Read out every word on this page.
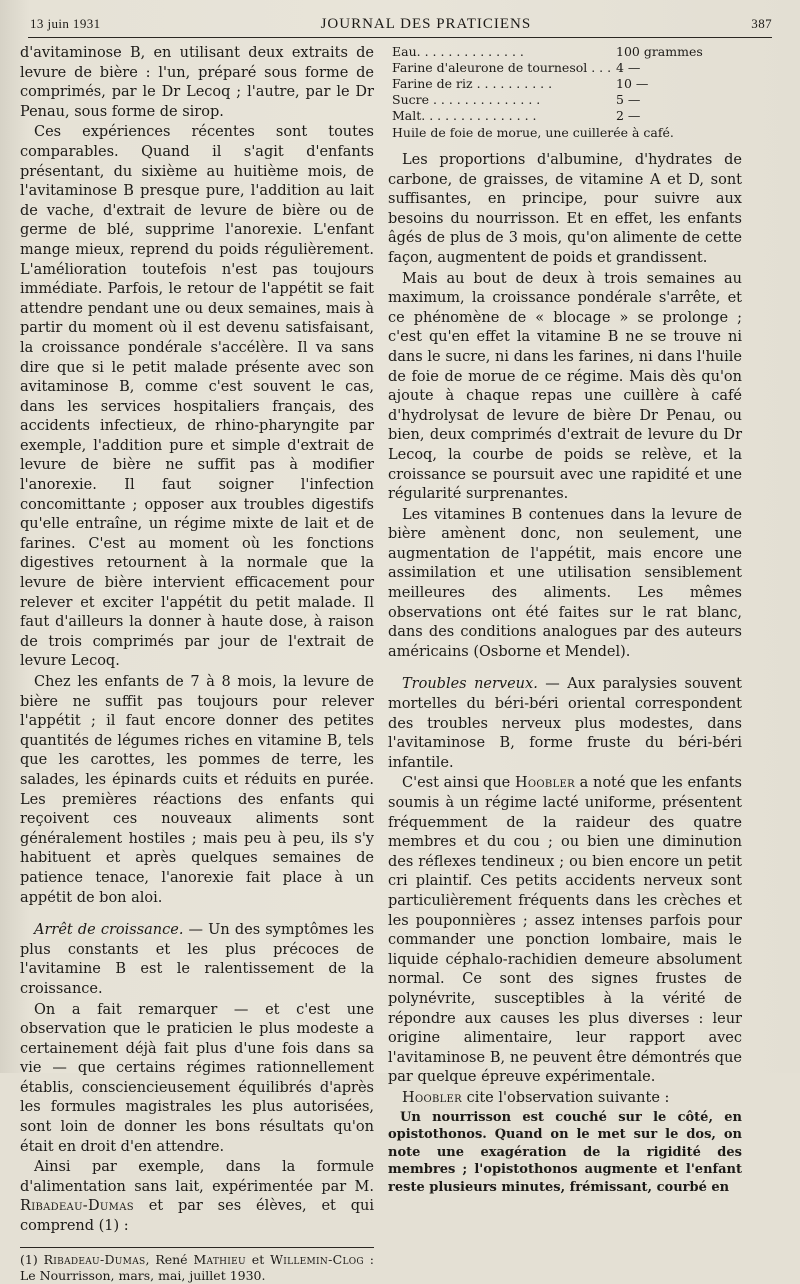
13 juin 1931	JOURNAL DES PRATICIENS	387

d'avitaminose B, en utilisant deux extraits de levure de bière : l'un, préparé sous forme de comprimés, par le Dr Lecoq ; l'autre, par le Dr Penau, sous forme de sirop.

Ces expériences récentes sont toutes comparables. Quand il s'agit d'enfants présentant, du sixième au huitième mois, de l'avitaminose B presque pure, l'addition au lait de vache, d'extrait de levure de bière ou de germe de blé, supprime l'anorexie. L'enfant mange mieux, reprend du poids régulièrement. L'amélioration toutefois n'est pas toujours immédiate. Parfois, le retour de l'appétit se fait attendre pendant une ou deux semaines, mais à partir du moment où il est devenu satisfaisant, la croissance pondérale s'accélère. Il va sans dire que si le petit malade présente avec son avitaminose B, comme c'est souvent le cas, dans les services hospitaliers français, des accidents infectieux, de rhino-pharyngite par exemple, l'addition pure et simple d'extrait de levure de bière ne suffit pas à modifier l'anorexie. Il faut soigner l'infection concomittante ; opposer aux troubles digestifs qu'elle entraîne, un régime mixte de lait et de farines. C'est au moment où les fonctions digestives retournent à la normale que la levure de bière intervient efficacement pour relever et exciter l'appétit du petit malade. Il faut d'ailleurs la donner à haute dose, à raison de trois comprimés par jour de l'extrait de levure Lecoq.

Chez les enfants de 7 à 8 mois, la levure de bière ne suffit pas toujours pour relever l'appétit ; il faut encore donner des petites quantités de légumes riches en vitamine B, tels que les carottes, les pommes de terre, les salades, les épinards cuits et réduits en purée. Les premières réactions des enfants qui reçoivent ces nouveaux aliments sont généralement hostiles ; mais peu à peu, ils s'y habituent et après quelques semaines de patience tenace, l'anorexie fait place à un appétit de bon aloi.

Arrêt de croissance. — Un des symptômes les plus constants et les plus précoces de l'avitamine B est le ralentissement de la croissance.

On a fait remarquer — et c'est une observation que le praticien le plus modeste a certainement déjà fait plus d'une fois dans sa vie — que certains régimes rationnellement établis, consciencieusement équilibrés d'après les formules magistrales les plus autorisées, sont loin de donner les bons résultats qu'on était en droit d'en attendre.

Ainsi par exemple, dans la formule d'alimentation sans lait, expérimentée par M. Ribadeau-Dumas et par ses élèves, et qui comprend (1) :

(1) Ribadeau-Dumas, René Mathieu et Willemin-Clog : Le Nourrisson, mars, mai, juillet 1930.

Eau. . . . . . . . . . . . . .	100 grammes
Farine d'aleurone de tournesol . . . 4 —
Farine de riz . . . . . . . . . .	10 —
Sucre . . . . . . . . . . . . . .	5 —
Malt. . . . . . . . . . . . . . .	2 —
Huile de foie de morue, une cuillerée à café.

Les proportions d'albumine, d'hydrates de carbone, de graisses, de vitamine A et D, sont suffisantes, en principe, pour suivre aux besoins du nourrisson. Et en effet, les enfants âgés de plus de 3 mois, qu'on alimente de cette façon, augmentent de poids et grandissent.

Mais au bout de deux à trois semaines au maximum, la croissance pondérale s'arrête, et ce phénomène de « blocage » se prolonge ; c'est qu'en effet la vitamine B ne se trouve ni dans le sucre, ni dans les farines, ni dans l'huile de foie de morue de ce régime. Mais dès qu'on ajoute à chaque repas une cuillère à café d'hydrolysat de levure de bière Dr Penau, ou bien, deux comprimés d'extrait de levure du Dr Lecoq, la courbe de poids se relève, et la croissance se poursuit avec une rapidité et une régularité surprenantes.

Les vitamines B contenues dans la levure de bière amènent donc, non seulement, une augmentation de l'appétit, mais encore une assimilation et une utilisation sensiblement meilleures des aliments. Les mêmes observations ont été faites sur le rat blanc, dans des conditions analogues par des auteurs américains (Osborne et Mendel).

Troubles nerveux. — Aux paralysies souvent mortelles du béri-béri oriental correspondent des troubles nerveux plus modestes, dans l'avitaminose B, forme fruste du béri-béri infantile.

C'est ainsi que Hoobler a noté que les enfants soumis à un régime lacté uniforme, présentent fréquemment de la raideur des quatre membres et du cou ; ou bien une diminution des réflexes tendineux ; ou bien encore un petit cri plaintif. Ces petits accidents nerveux sont particulièrement fréquents dans les crèches et les pouponnières ; assez intenses parfois pour commander une ponction lombaire, mais le liquide céphalo-rachidien demeure absolument normal. Ce sont des signes frustes de polynévrite, susceptibles à la vérité de répondre aux causes les plus diverses : leur origine alimentaire, leur rapport avec l'avitaminose B, ne peuvent être démontrés que par quelque épreuve expérimentale.

Hoobler cite l'observation suivante :

Un nourrisson est couché sur le côté, en opistothonos. Quand on le met sur le dos, on note une exagération de la rigidité des membres ; l'opistothonos augmente et l'enfant reste plusieurs minutes, frémissant, courbé en
